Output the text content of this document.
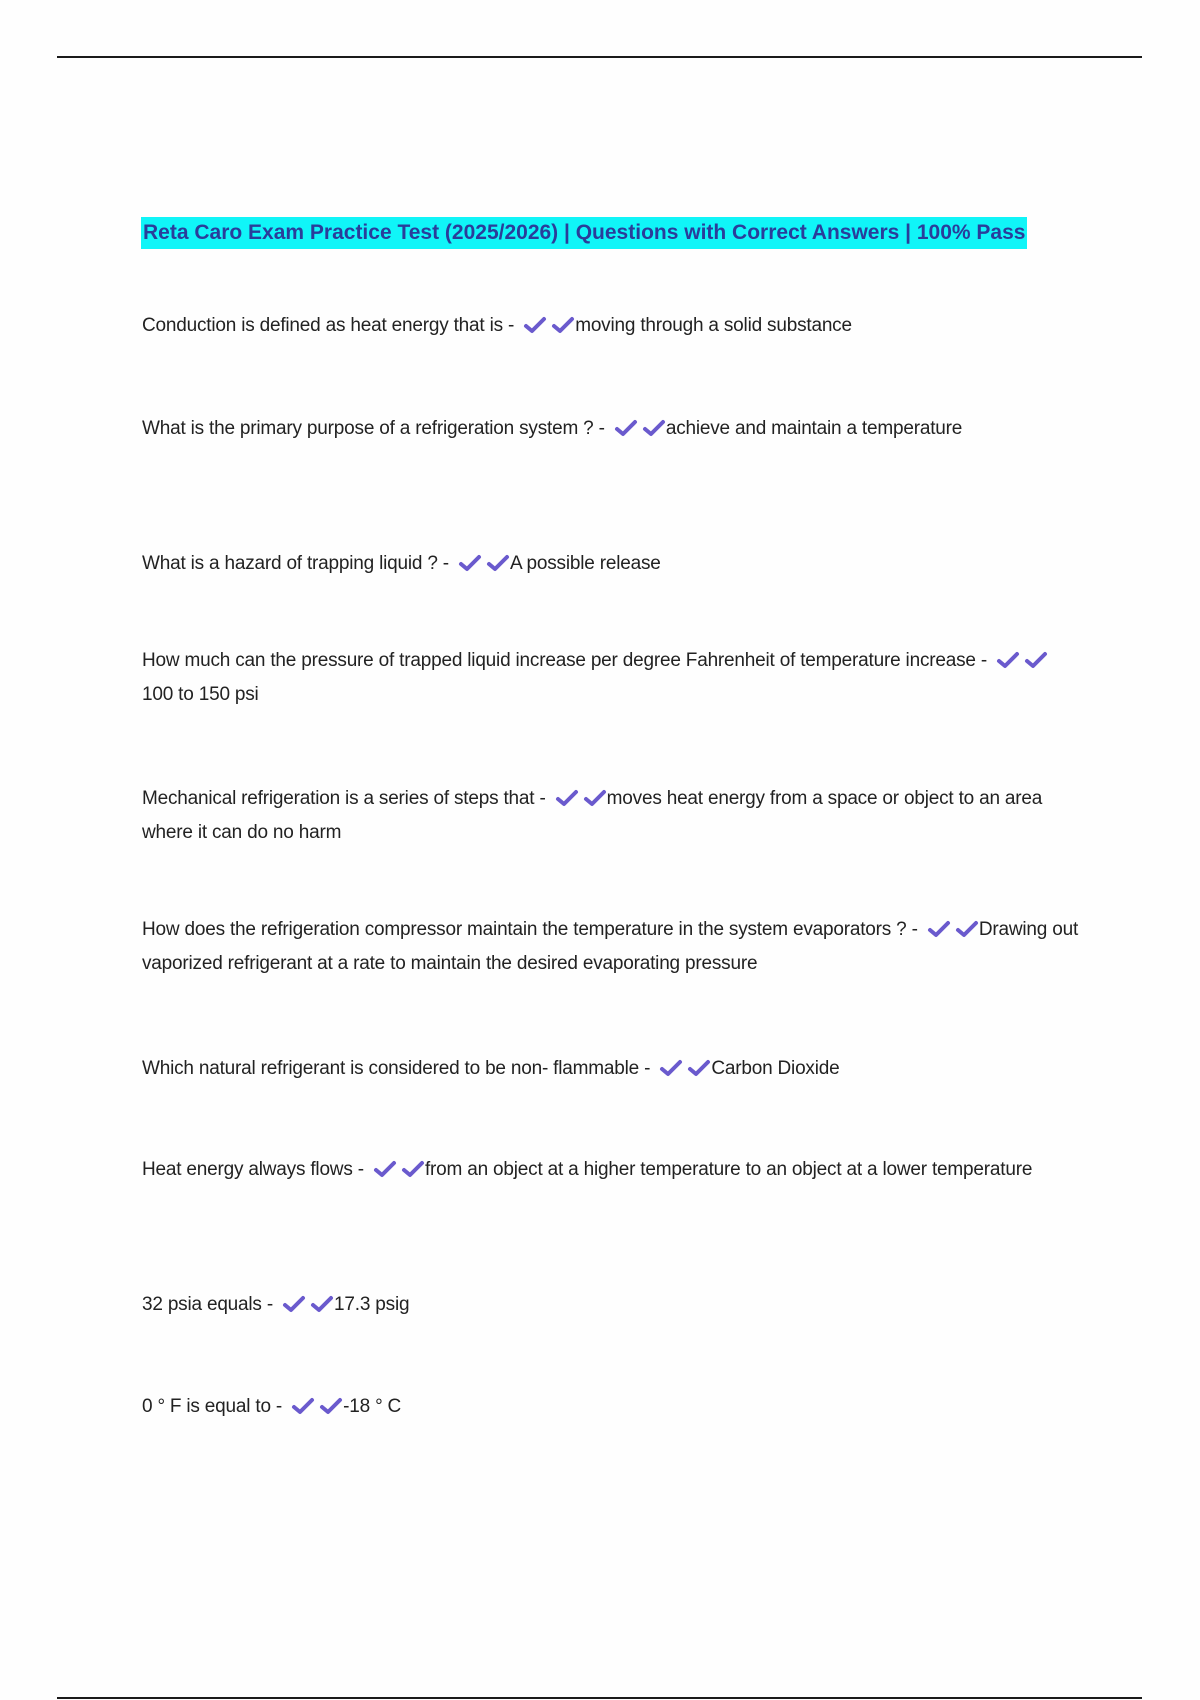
Reta Caro Exam Practice Test (2025/2026) | Questions with Correct Answers | 100% Pass
Conduction is defined as heat energy that is -	moving through a solid substance
What is the primary purpose of a refrigeration system ? -	achieve and maintain a temperature
What is a hazard of trapping liquid ? -	A possible release
How much can the pressure of trapped liquid increase per degree Fahrenheit of temperature increase -
100 to 150 psi
Mechanical refrigeration is a series of steps that -	moves heat energy from a space or object to an area where it can do no harm
How does the refrigeration compressor maintain the temperature in the system evaporators ? -	Drawing out vaporized refrigerant at a rate to maintain the desired evaporating pressure
Which natural refrigerant is considered to be non- flammable -	Carbon Dioxide
Heat energy always flows -	from an object at a higher temperature to an object at a lower temperature
32 psia equals -	17.3 psig
0 ° F is equal to -	-18 ° C
